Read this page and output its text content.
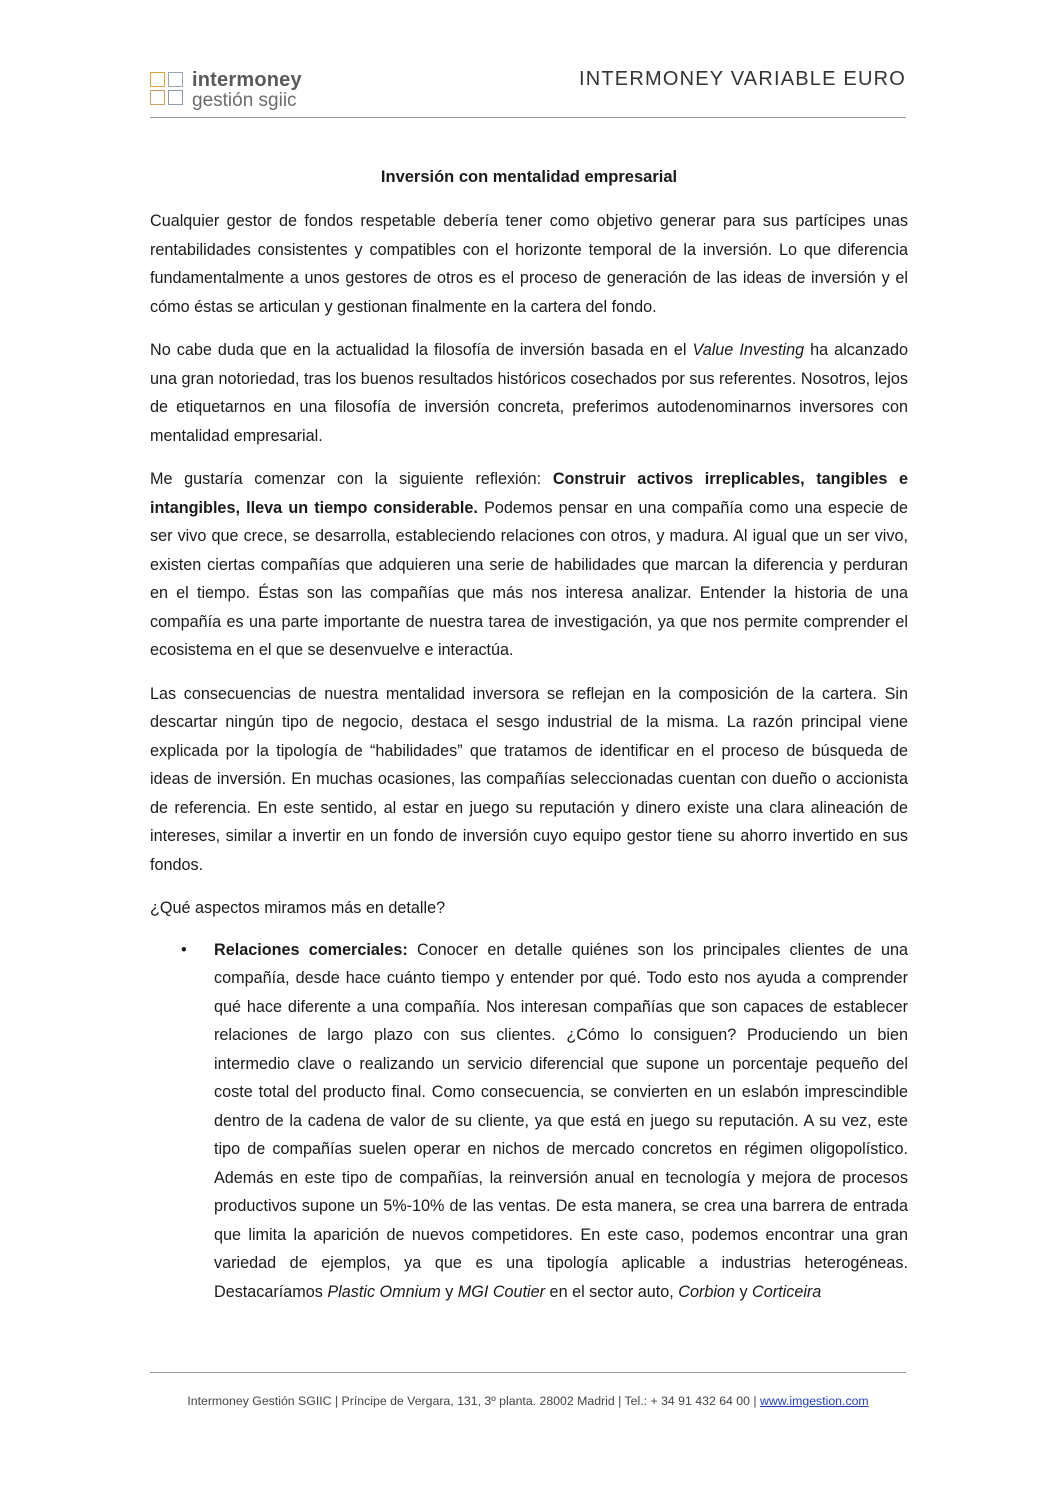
intermoney
gestión sgiic
INTERMONEY VARIABLE EURO
Inversión con mentalidad empresarial

Cualquier gestor de fondos respetable debería tener como objetivo generar para sus partícipes unas rentabilidades consistentes y compatibles con el horizonte temporal de la inversión. Lo que diferencia fundamentalmente a unos gestores de otros es el proceso de generación de las ideas de inversión y el cómo éstas se articulan y gestionan finalmente en la cartera del fondo.

No cabe duda que en la actualidad la filosofía de inversión basada en el Value Investing ha alcanzado una gran notoriedad, tras los buenos resultados históricos cosechados por sus referentes. Nosotros, lejos de etiquetarnos en una filosofía de inversión concreta, preferimos autodenominarnos inversores con mentalidad empresarial.

Me gustaría comenzar con la siguiente reflexión: Construir activos irreplicables, tangibles e intangibles, lleva un tiempo considerable. Podemos pensar en una compañía como una especie de ser vivo que crece, se desarrolla, estableciendo relaciones con otros, y madura. Al igual que un ser vivo, existen ciertas compañías que adquieren una serie de habilidades que marcan la diferencia y perduran en el tiempo. Éstas son las compañías que más nos interesa analizar. Entender la historia de una compañía es una parte importante de nuestra tarea de investigación, ya que nos permite comprender el ecosistema en el que se desenvuelve e interactúa.

Las consecuencias de nuestra mentalidad inversora se reflejan en la composición de la cartera. Sin descartar ningún tipo de negocio, destaca el sesgo industrial de la misma. La razón principal viene explicada por la tipología de “habilidades” que tratamos de identificar en el proceso de búsqueda de ideas de inversión. En muchas ocasiones, las compañías seleccionadas cuentan con dueño o accionista de referencia. En este sentido, al estar en juego su reputación y dinero existe una clara alineación de intereses, similar a invertir en un fondo de inversión cuyo equipo gestor tiene su ahorro invertido en sus fondos.

¿Qué aspectos miramos más en detalle?

• Relaciones comerciales: Conocer en detalle quiénes son los principales clientes de una compañía, desde hace cuánto tiempo y entender por qué. Todo esto nos ayuda a comprender qué hace diferente a una compañía. Nos interesan compañías que son capaces de establecer relaciones de largo plazo con sus clientes. ¿Cómo lo consiguen? Produciendo un bien intermedio clave o realizando un servicio diferencial que supone un porcentaje pequeño del coste total del producto final. Como consecuencia, se convierten en un eslabón imprescindible dentro de la cadena de valor de su cliente, ya que está en juego su reputación. A su vez, este tipo de compañías suelen operar en nichos de mercado concretos en régimen oligopolístico. Además en este tipo de compañías, la reinversión anual en tecnología y mejora de procesos productivos supone un 5%-10% de las ventas. De esta manera, se crea una barrera de entrada que limita la aparición de nuevos competidores. En este caso, podemos encontrar una gran variedad de ejemplos, ya que es una tipología aplicable a industrias heterogéneas. Destacaríamos Plastic Omnium y MGI Coutier en el sector auto, Corbion y Corticeira
Intermoney Gestión SGIIC | Príncipe de Vergara, 131, 3º planta. 28002 Madrid | Tel.: + 34 91 432 64 00 | www.imgestion.com
